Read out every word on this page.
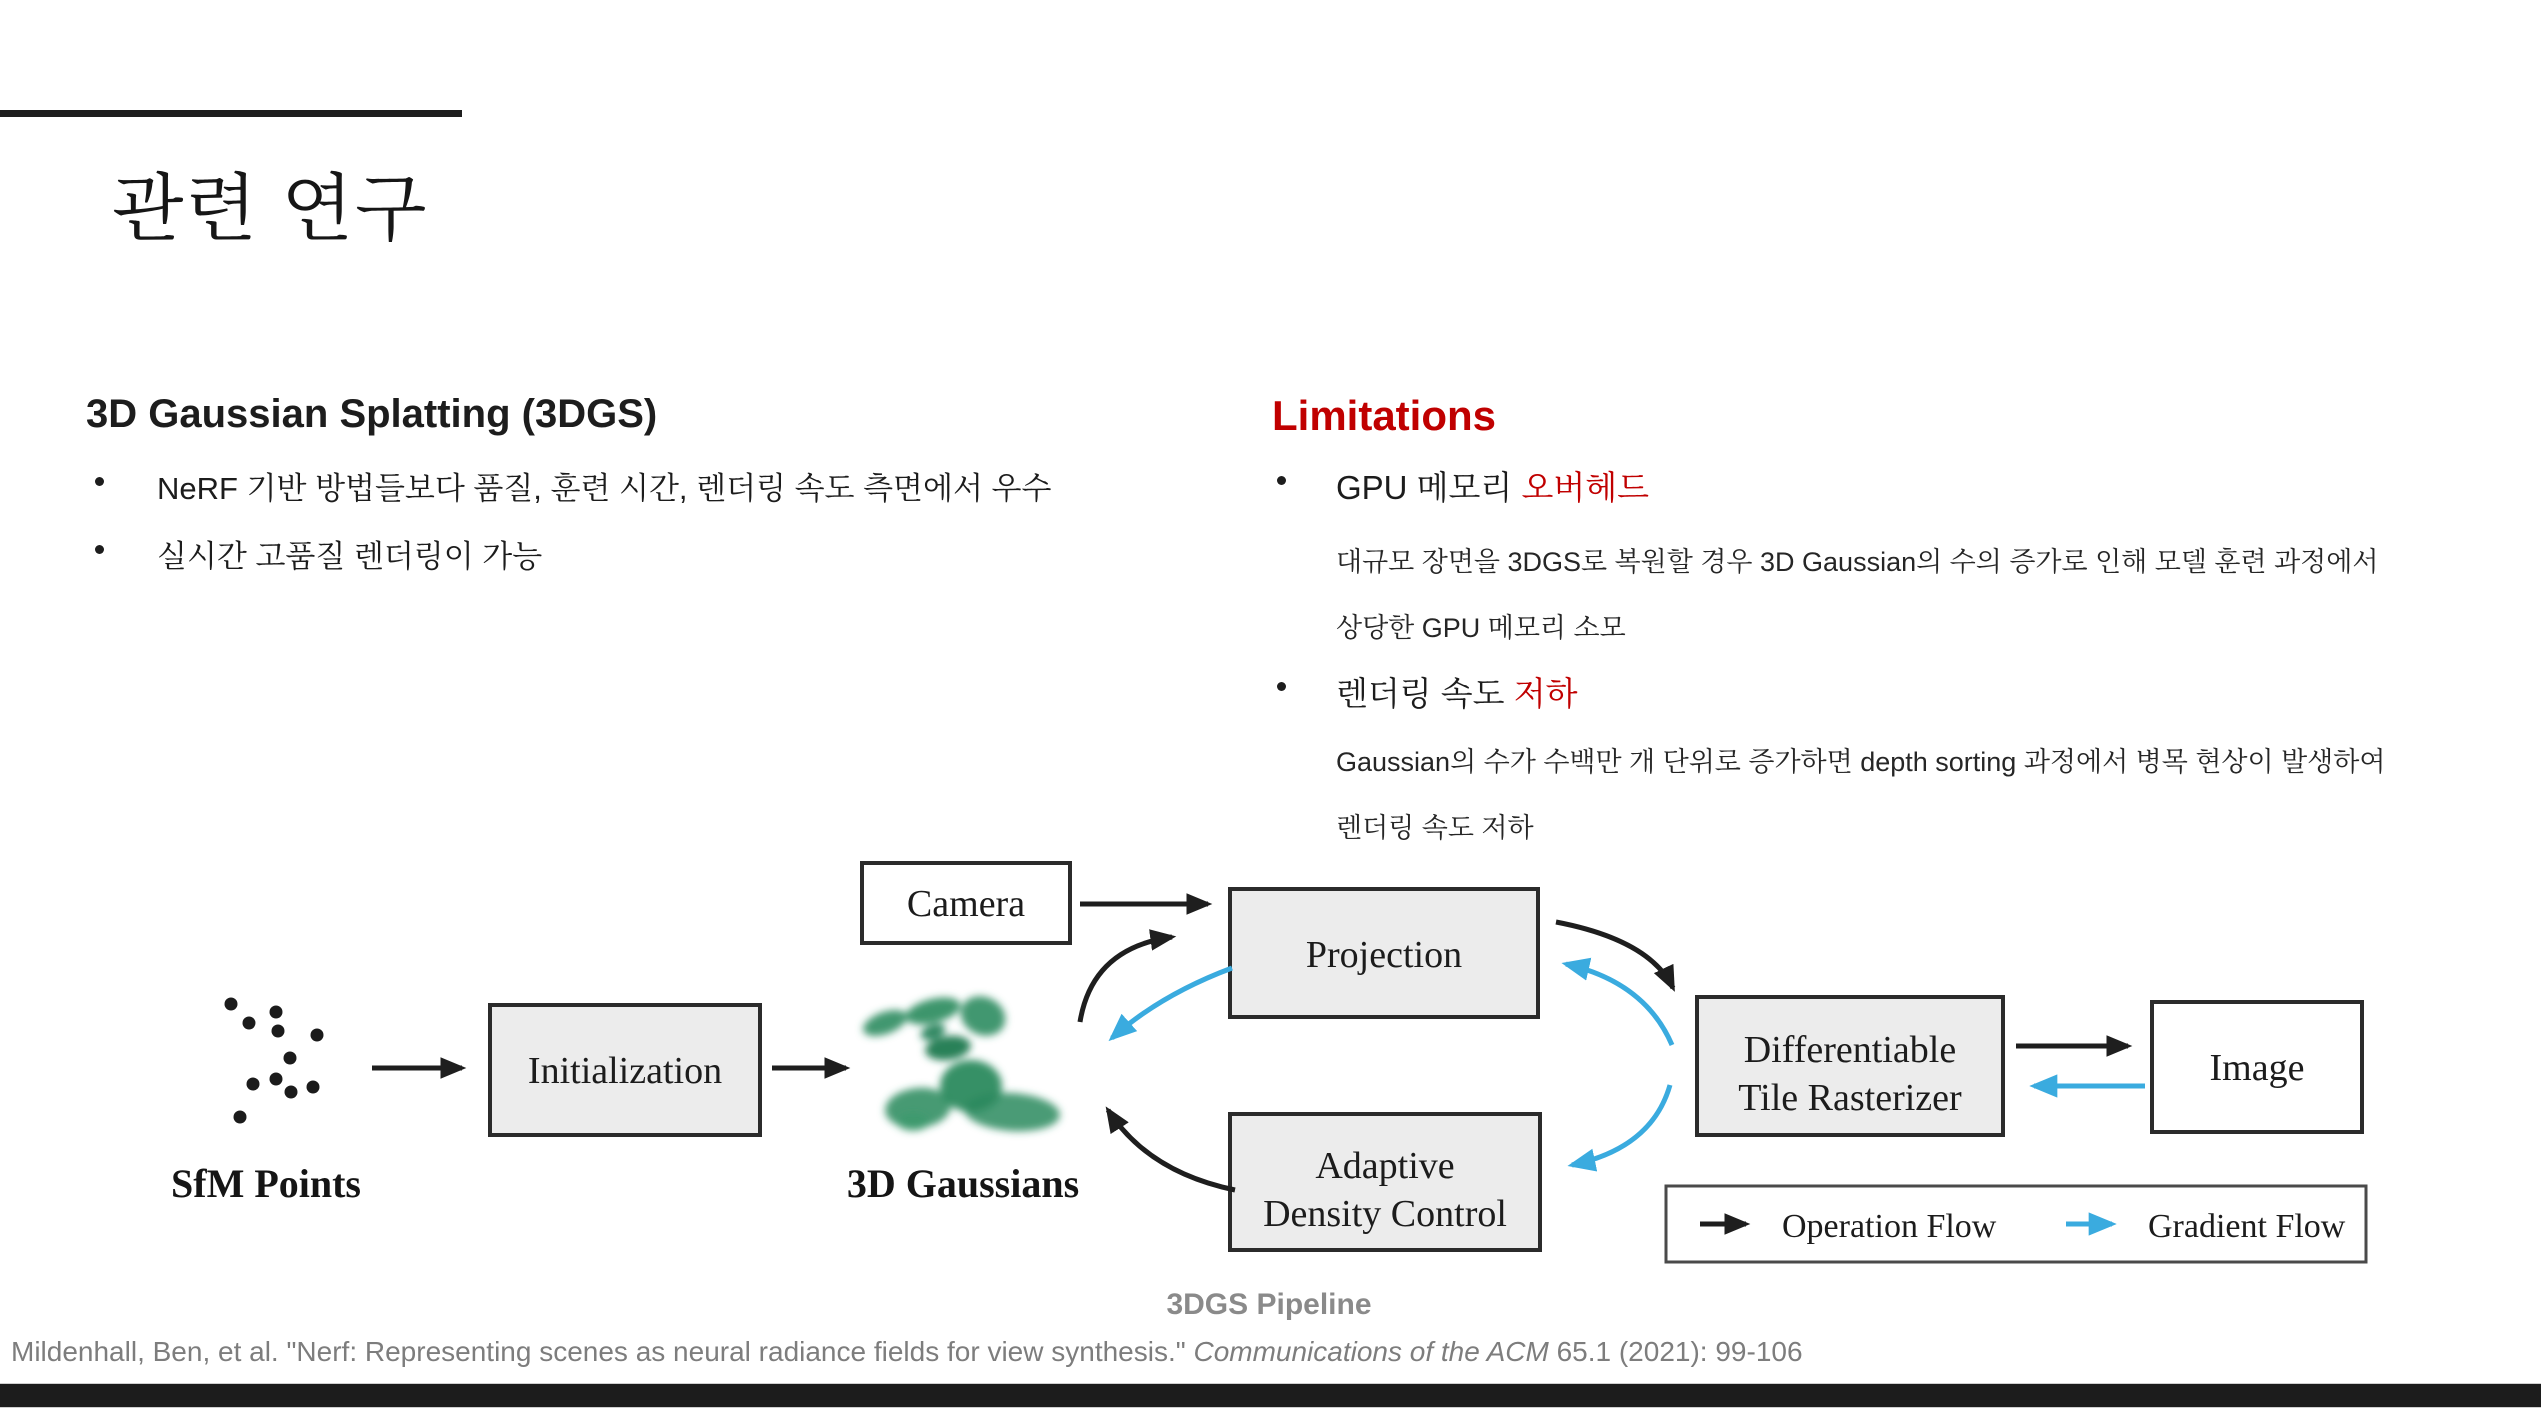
관련 연구
3D Gaussian Splatting (3DGS)
NeRF 기반 방법들보다 품질, 훈련 시간, 렌더링 속도 측면에서 우수
실시간 고품질 렌더링이 가능
Limitations
GPU 메모리 오버헤드
대규모 장면을 3DGS로 복원할 경우 3D Gaussian의 수의 증가로 인해 모델 훈련 과정에서
상당한 GPU 메모리 소모
렌더링 속도 저하
Gaussian의 수가 수백만 개 단위로 증가하면 depth sorting 과정에서 병목 현상이 발생하여
렌더링 속도 저하
SfM Points
Initialization
3D Gaussians
Camera
Projection
Adaptive
Density Control
Differentiable
Tile Rasterizer
Image
Operation Flow	Gradient Flow
3DGS Pipeline
Mildenhall, Ben, et al. "Nerf: Representing scenes as neural radiance fields for view synthesis." Communications of the ACM 65.1 (2021): 99-106
